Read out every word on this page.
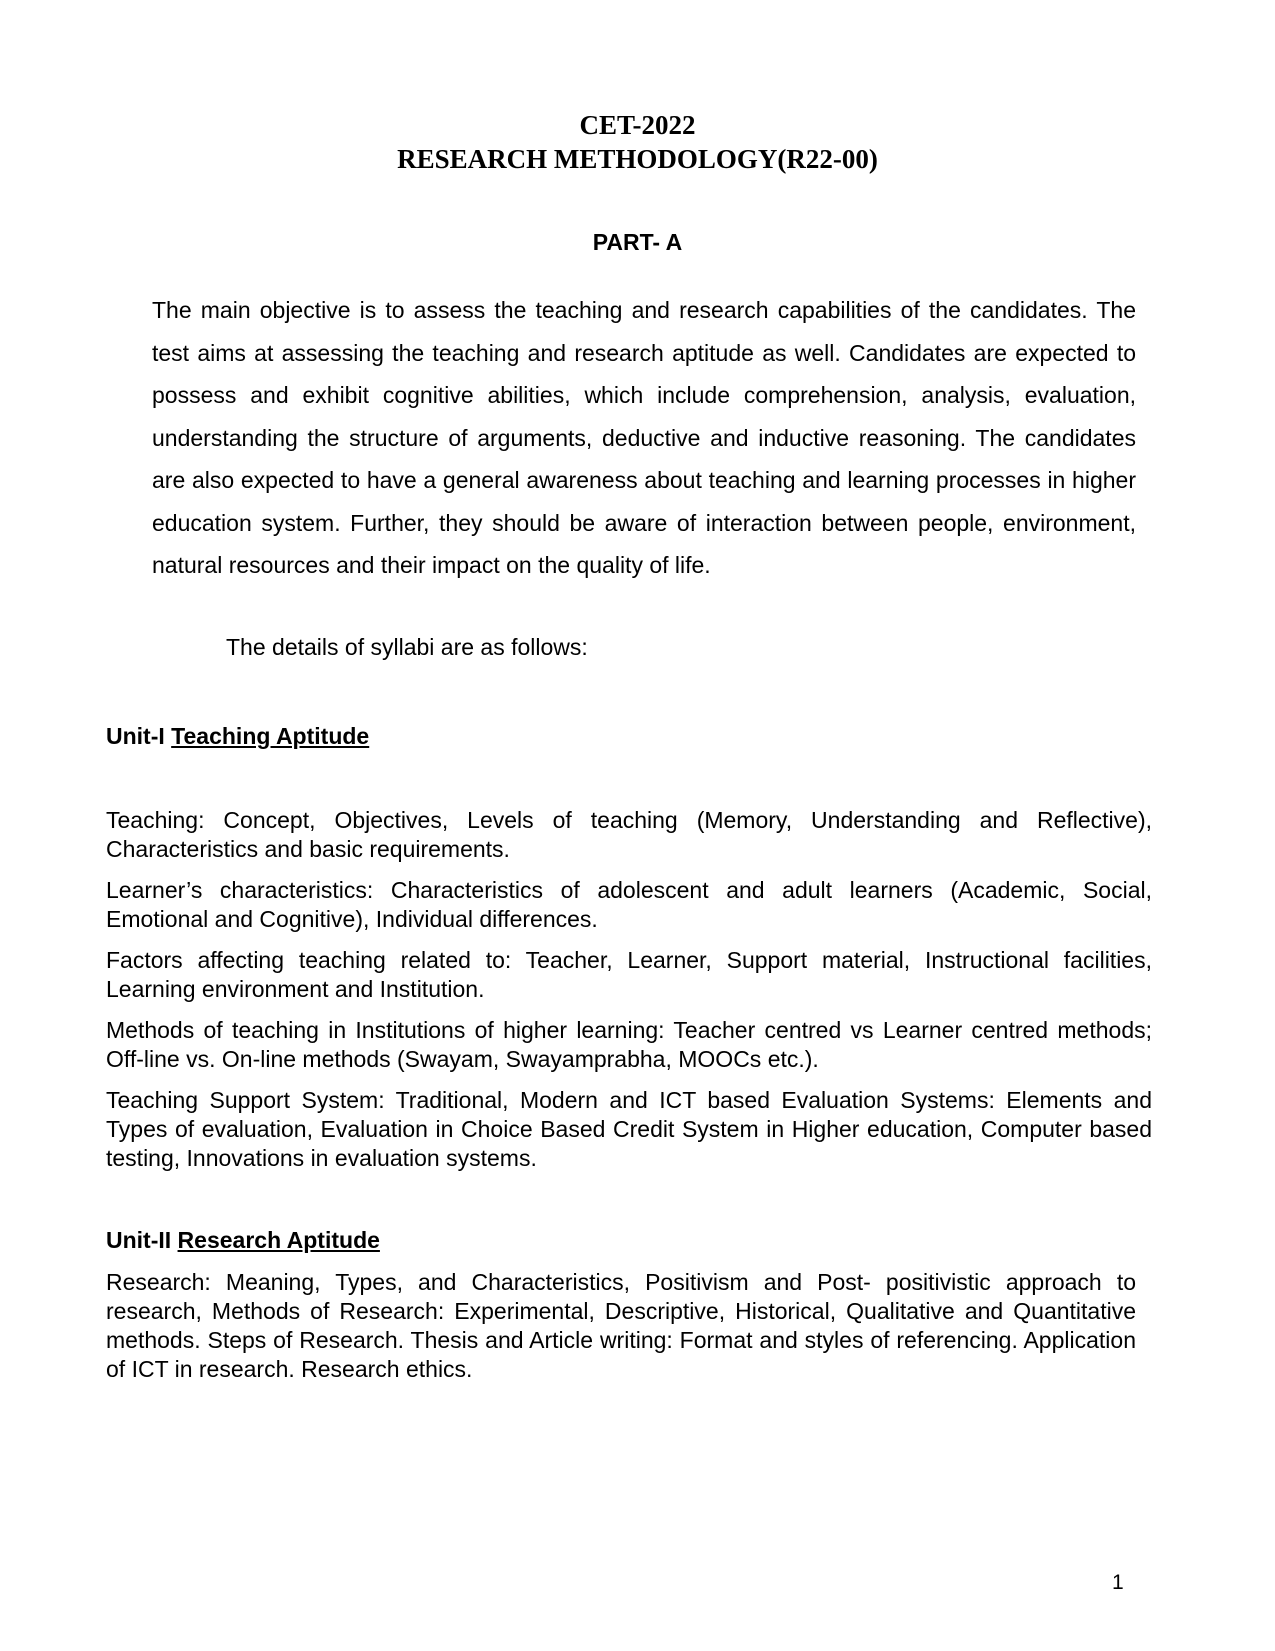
CET-2022
RESEARCH METHODOLOGY(R22-00)
PART- A

The main objective is to assess the teaching and research capabilities of the candidates. The test aims at assessing the teaching and research aptitude as well. Candidates are expected to possess and exhibit cognitive abilities, which include comprehension, analysis, evaluation, understanding the structure of arguments, deductive and inductive reasoning. The candidates are also expected to have a general awareness about teaching and learning processes in higher education system. Further, they should be aware of interaction between people, environment, natural resources and their impact on the quality of life.

The details of syllabi are as follows:

Unit-I Teaching Aptitude

Teaching: Concept, Objectives, Levels of teaching (Memory, Understanding and Reflective), Characteristics and basic requirements.

Learner’s characteristics: Characteristics of adolescent and adult learners (Academic, Social, Emotional and Cognitive), Individual differences.

Factors affecting teaching related to: Teacher, Learner, Support material, Instructional facilities, Learning environment and Institution.

Methods of teaching in Institutions of higher learning: Teacher centred vs Learner centred methods; Off-line vs. On-line methods (Swayam, Swayamprabha, MOOCs etc.).

Teaching Support System: Traditional, Modern and ICT based Evaluation Systems: Elements and Types of evaluation, Evaluation in Choice Based Credit System in Higher education, Computer based testing, Innovations in evaluation systems.

Unit-II Research Aptitude

Research: Meaning, Types, and Characteristics, Positivism and Post- positivistic approach to research, Methods of Research: Experimental, Descriptive, Historical, Qualitative and Quantitative methods. Steps of Research. Thesis and Article writing: Format and styles of referencing. Application of ICT in research. Research ethics.

1
